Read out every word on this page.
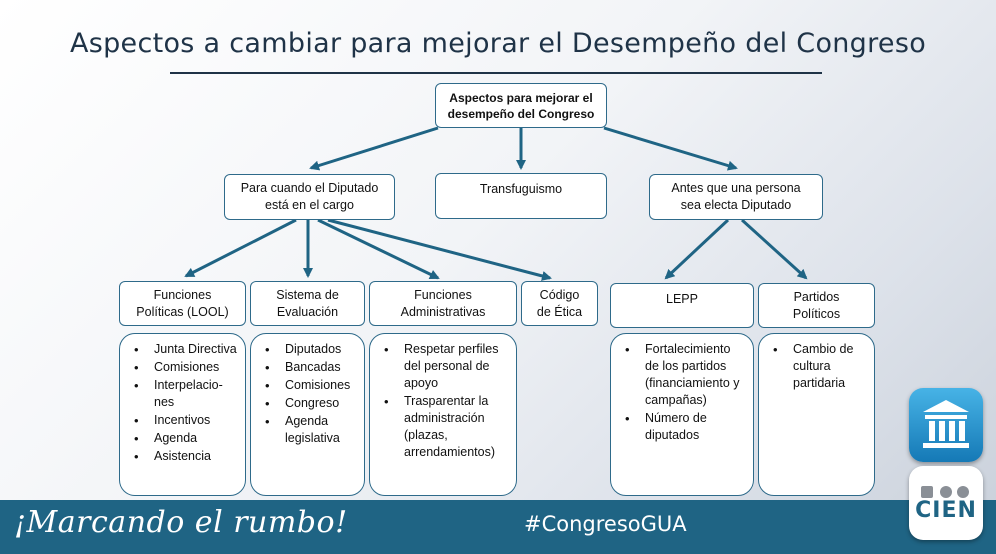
Aspectos a cambiar para mejorar el Desempeño del Congreso
Aspectos para mejorar el
desempeño del Congreso
Para cuando el Diputado
está en el cargo
Transfuguismo	Antes que una persona
sea electa Diputado
Funciones
Políticas (LOOL)
Sistema de
Evaluación
Funciones
Administrativas
Código
de Ética
LEPP	Partidos
Políticos
• Junta Directiva
• Comisiones
• Interpelacio-nes
• Incentivos
• Agenda
• Asistencia
• Diputados
• Bancadas
• Comisiones
• Congreso
• Agenda legislativa
• Respetar perfiles del personal de apoyo
• Trasparentar la administración (plazas, arrendamientos)
• Fortalecimiento de los partidos (financiamiento y campañas)
• Número de diputados
• Cambio de cultura partidaria
¡Marcando el rumbo!	#CongresoGUA
CIEN
